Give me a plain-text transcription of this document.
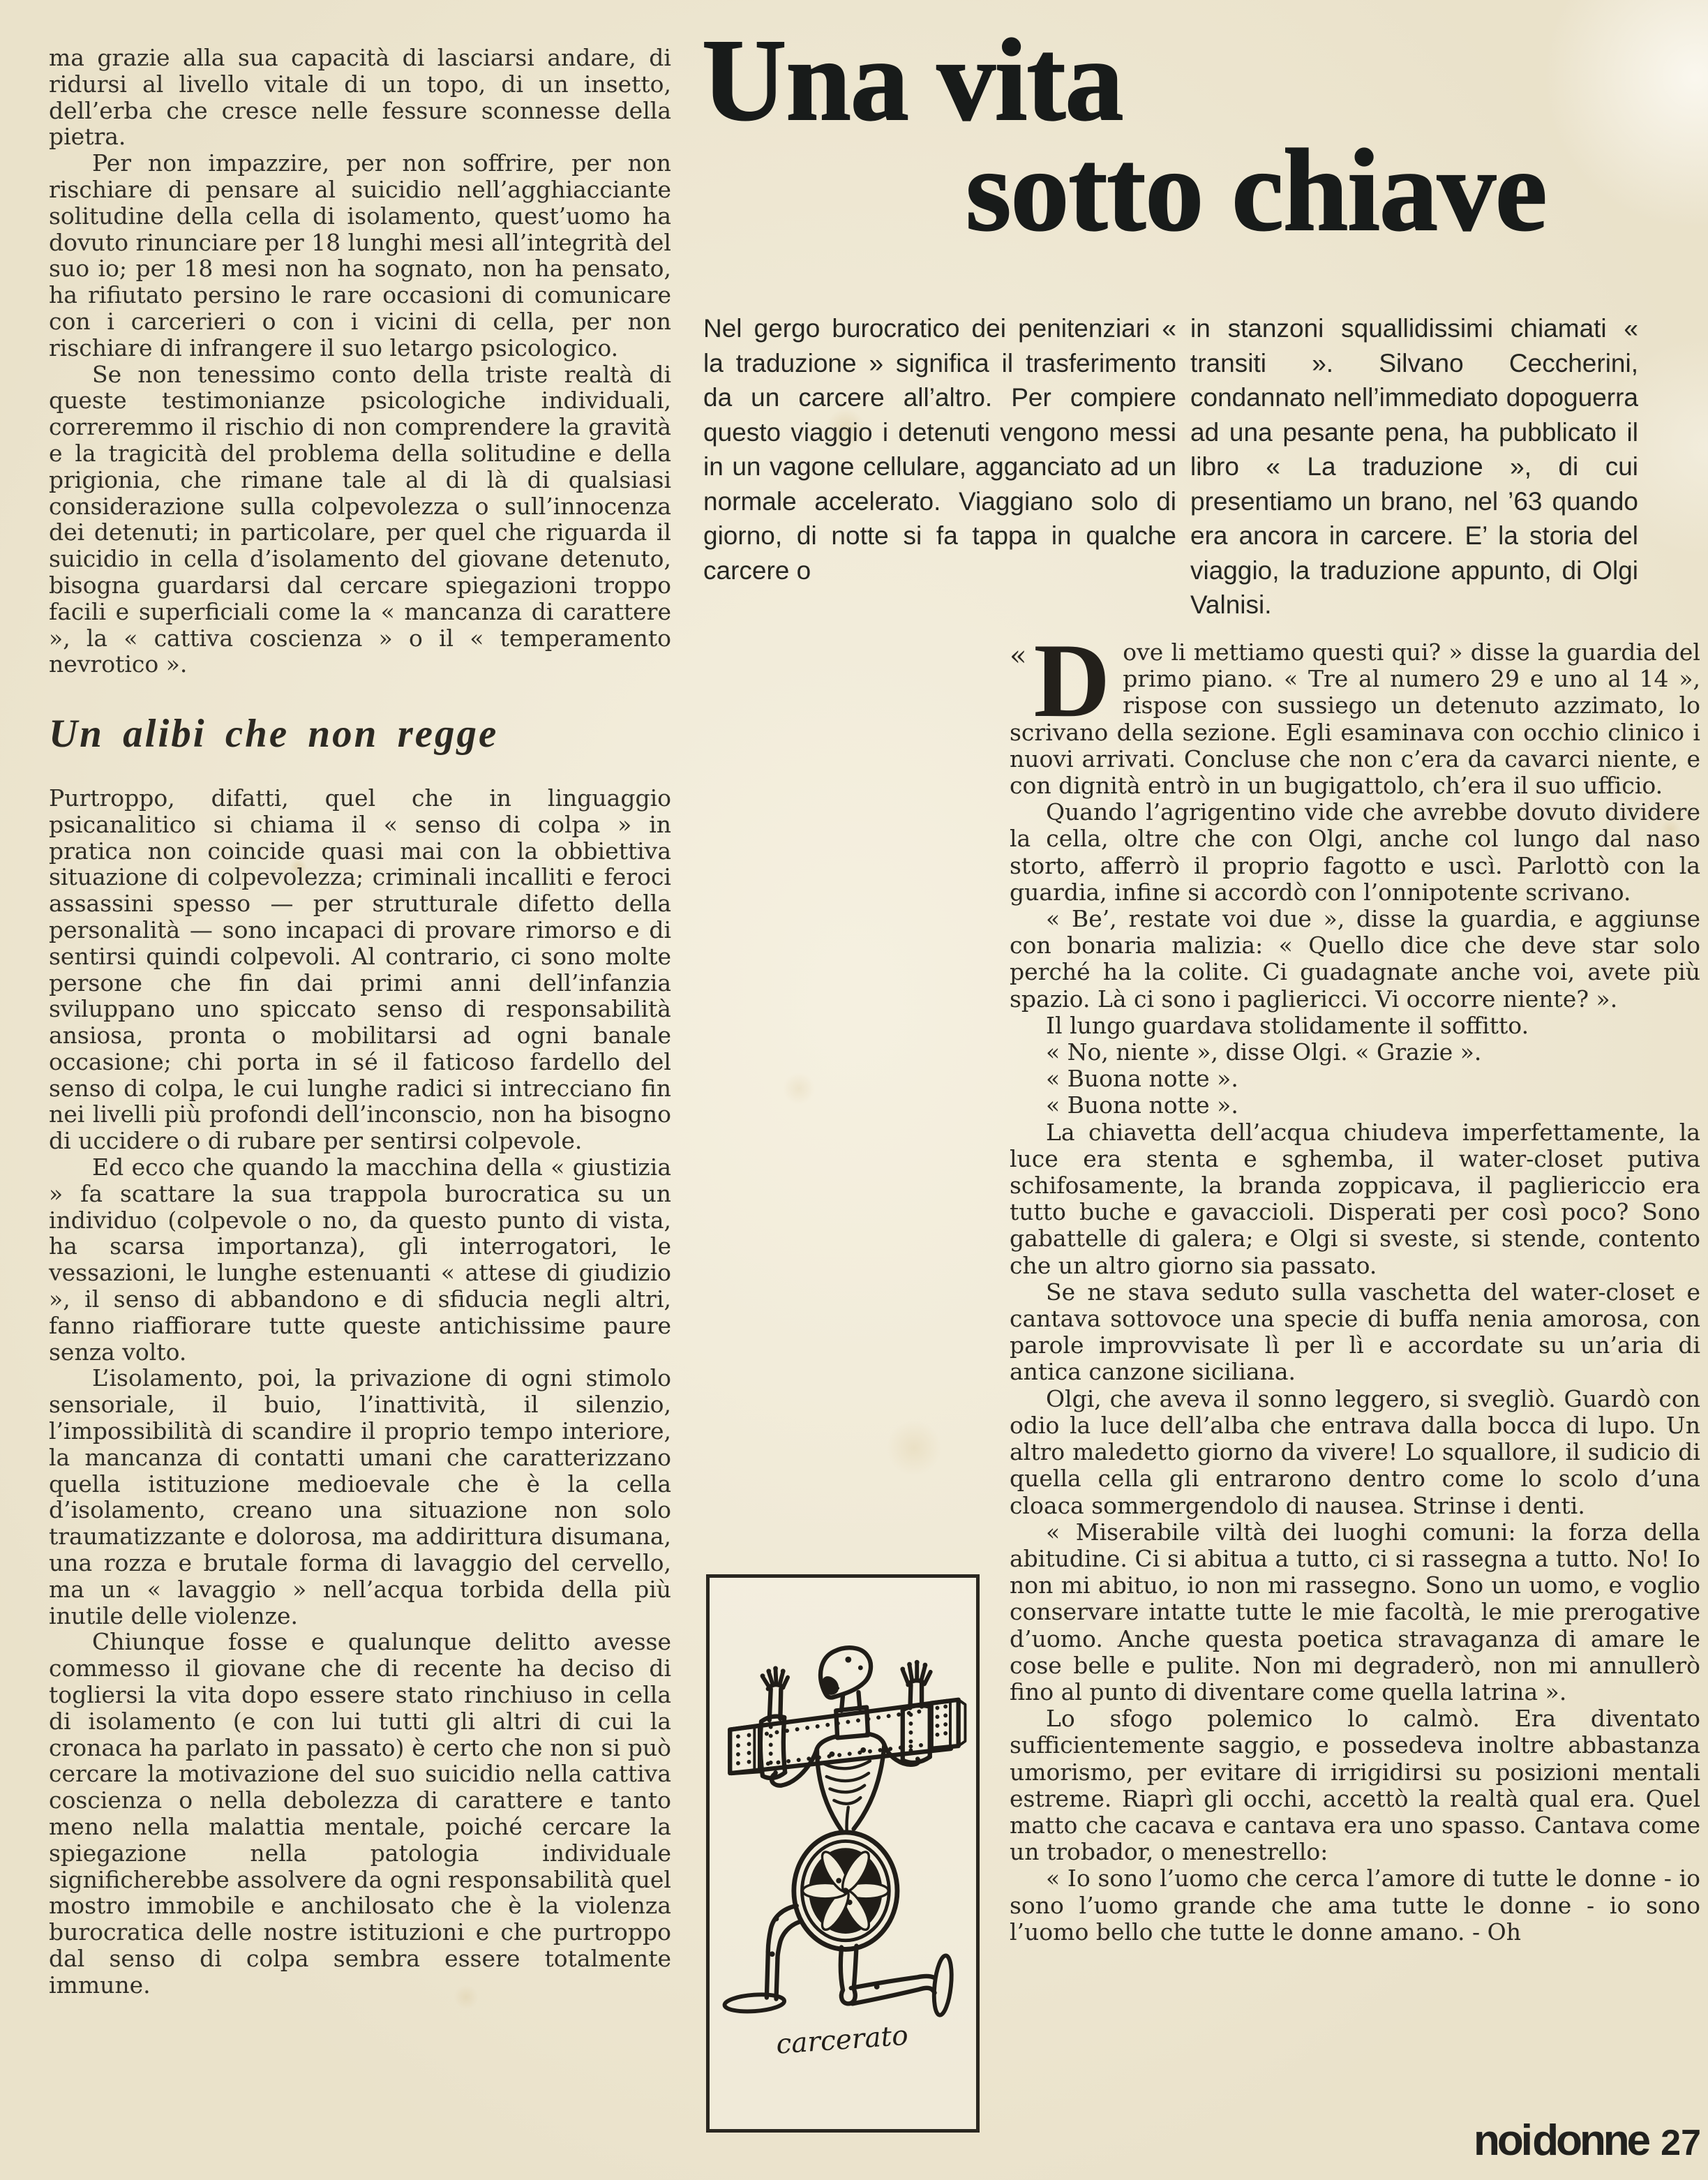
ma grazie alla sua capacità di lasciarsi andare, di ridursi al livello vitale di un topo, di un insetto, dell’erba che cresce nelle fessure sconnesse della pietra.

Per non impazzire, per non soffrire, per non rischiare di pensare al suicidio nell’agghiacciante solitudine della cella di isolamento, quest’uomo ha dovuto rinunciare per 18 lunghi mesi all’integrità del suo io; per 18 mesi non ha sognato, non ha pensato, ha rifiutato persino le rare occasioni di comunicare con i carcerieri o con i vicini di cella, per non rischiare di infrangere il suo letargo psicologico.

Se non tenessimo conto della triste realtà di queste testimonianze psicologiche individuali, correremmo il rischio di non comprendere la gravità e la tragicità del problema della solitudine e della prigionia, che rimane tale al di là di qualsiasi considerazione sulla colpevolezza o sull’innocenza dei detenuti; in particolare, per quel che riguarda il suicidio in cella d’isolamento del giovane detenuto, bisogna guardarsi dal cercare spiegazioni troppo facili e superficiali come la « mancanza di carattere », la « cattiva coscienza » o il « temperamento nevrotico ».

Un alibi che non regge

Purtroppo, difatti, quel che in linguaggio psicanalitico si chiama il « senso di colpa » in pratica non coincide quasi mai con la obbiettiva situazione di colpevolezza; criminali incalliti e feroci assassini spesso — per strutturale difetto della personalità — sono incapaci di provare rimorso e di sentirsi quindi colpevoli. Al contrario, ci sono molte persone che fin dai primi anni dell’infanzia sviluppano uno spiccato senso di responsabilità ansiosa, pronta o mobilitarsi ad ogni banale occasione; chi porta in sé il faticoso fardello del senso di colpa, le cui lunghe radici si intrecciano fin nei livelli più profondi dell’inconscio, non ha bisogno di uccidere o di rubare per sentirsi colpevole.

Ed ecco che quando la macchina della « giustizia » fa scattare la sua trappola burocratica su un individuo (colpevole o no, da questo punto di vista, ha scarsa importanza), gli interrogatori, le vessazioni, le lunghe estenuanti « attese di giudizio », il senso di abbandono e di sfiducia negli altri, fanno riaffiorare tutte queste antichissime paure senza volto.

L’isolamento, poi, la privazione di ogni stimolo sensoriale, il buio, l’inattività, il silenzio, l’impossibilità di scandire il proprio tempo interiore, la mancanza di contatti umani che caratterizzano quella istituzione medioevale che è la cella d’isolamento, creano una situazione non solo traumatizzante e dolorosa, ma addirittura disumana, una rozza e brutale forma di lavaggio del cervello, ma un « lavaggio » nell’acqua torbida della più inutile delle violenze.

Chiunque fosse e qualunque delitto avesse commesso il giovane che di recente ha deciso di togliersi la vita dopo essere stato rinchiuso in cella di isolamento (e con lui tutti gli altri di cui la cronaca ha parlato in passato) è certo che non si può cercare la motivazione del suo suicidio nella cattiva coscienza o nella debolezza di carattere e tanto meno nella malattia mentale, poiché cercare la spiegazione nella patologia individuale significherebbe assolvere da ogni responsabilità quel mostro immobile e anchilosato che è la violenza burocratica delle nostre istituzioni e che purtroppo dal senso di colpa sembra essere totalmente immune.

Una vita
sotto chiave

Nel gergo burocratico dei penitenziari « la traduzione » significa il trasferimento da un carcere all’altro. Per compiere questo viaggio i detenuti vengono messi in un vagone cellulare, agganciato ad un normale accelerato. Viaggiano solo di giorno, di notte si fa tappa in qualche carcere o

in stanzoni squallidissimi chiamati « transiti ». Silvano Ceccherini, condannato nell’immediato dopoguerra ad una pesante pena, ha pubblicato il libro « La traduzione », di cui presentiamo un brano, nel ’63 quando era ancora in carcere. E’ la storia del viaggio, la traduzione appunto, di Olgi Valnisi.

« D ove li mettiamo questi qui? » disse la guardia del primo piano. « Tre al numero 29 e uno al 14 », rispose con sussiego un detenuto azzimato, lo scrivano della sezione. Egli esaminava con occhio clinico i nuovi arrivati. Concluse che non c’era da cavarci niente, e con dignità entrò in un bugigattolo, ch’era il suo ufficio.

Quando l’agrigentino vide che avrebbe dovuto dividere la cella, oltre che con Olgi, anche col lungo dal naso storto, afferrò il proprio fagotto e uscì. Parlottò con la guardia, infine si accordò con l’onnipotente scrivano.

« Be’, restate voi due », disse la guardia, e aggiunse con bonaria malizia: « Quello dice che deve star solo perché ha la colite. Ci guadagnate anche voi, avete più spazio. Là ci sono i pagliericci. Vi occorre niente? ».

Il lungo guardava stolidamente il soffitto.

« No, niente », disse Olgi. « Grazie ».

« Buona notte ».

« Buona notte ».

La chiavetta dell’acqua chiudeva imperfettamente, la luce era stenta e sghemba, il water-closet putiva schifosamente, la branda zoppicava, il pagliericcio era tutto buche e gavaccioli. Disperati per così poco? Sono gabattelle di galera; e Olgi si sveste, si stende, contento che un altro giorno sia passato.

Se ne stava seduto sulla vaschetta del water-closet e cantava sottovoce una specie di buffa nenia amorosa, con parole improvvisate lì per lì e accordate su un’aria di antica canzone siciliana.

Olgi, che aveva il sonno leggero, si svegliò. Guardò con odio la luce dell’alba che entrava dalla bocca di lupo. Un altro maledetto giorno da vivere! Lo squallore, il sudicio di quella cella gli entrarono dentro come lo scolo d’una cloaca sommergendolo di nausea. Strinse i denti.

« Miserabile viltà dei luoghi comuni: la forza della abitudine. Ci si abitua a tutto, ci si rassegna a tutto. No! Io non mi abituo, io non mi rassegno. Sono un uomo, e voglio conservare intatte tutte le mie facoltà, le mie prerogative d’uomo. Anche questa poetica stravaganza di amare le cose belle e pulite. Non mi degraderò, non mi annullerò fino al punto di diventare come quella latrina ».

Lo sfogo polemico lo calmò. Era diventato sufficientemente saggio, e possedeva inoltre abbastanza umorismo, per evitare di irrigidirsi su posizioni mentali estreme. Riaprì gli occhi, accettò la realtà qual era. Quel matto che cacava e cantava era uno spasso. Cantava come un trobador, o menestrello:

« Io sono l’uomo che cerca l’amore di tutte le donne - io sono l’uomo grande che ama tutte le donne - io sono l’uomo bello che tutte le donne amano. - Oh

carcerato
noi donne 27
